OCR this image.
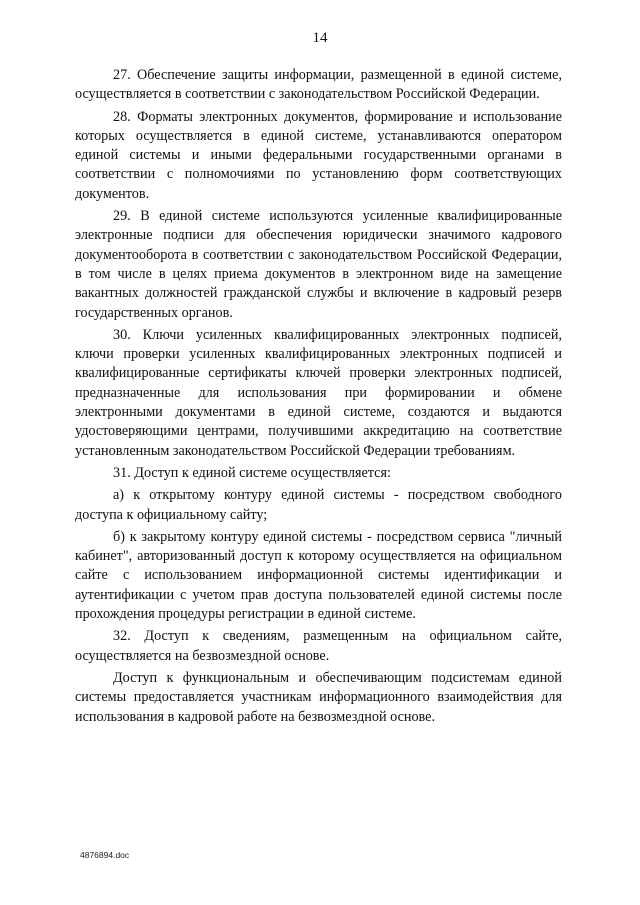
14

27. Обеспечение защиты информации, размещенной в единой системе, осуществляется в соответствии с законодательством Российской Федерации.

28. Форматы электронных документов, формирование и использование которых осуществляется в единой системе, устанавливаются оператором единой системы и иными федеральными государственными органами в соответствии с полномочиями по установлению форм соответствующих документов.

29. В единой системе используются усиленные квалифицированные электронные подписи для обеспечения юридически значимого кадрового документооборота в соответствии с законодательством Российской Федерации, в том числе в целях приема документов в электронном виде на замещение вакантных должностей гражданской службы и включение в кадровый резерв государственных органов.

30. Ключи усиленных квалифицированных электронных подписей, ключи проверки усиленных квалифицированных электронных подписей и квалифицированные сертификаты ключей проверки электронных подписей, предназначенные для использования при формировании и обмене электронными документами в единой системе, создаются и выдаются удостоверяющими центрами, получившими аккредитацию на соответствие установленным законодательством Российской Федерации требованиям.

31. Доступ к единой системе осуществляется:

а) к открытому контуру единой системы - посредством свободного доступа к официальному сайту;

б) к закрытому контуру единой системы - посредством сервиса "личный кабинет", авторизованный доступ к которому осуществляется на официальном сайте с использованием информационной системы идентификации и аутентификации с учетом прав доступа пользователей единой системы после прохождения процедуры регистрации в единой системе.

32. Доступ к сведениям, размещенным на официальном сайте, осуществляется на безвозмездной основе.

Доступ к функциональным и обеспечивающим подсистемам единой системы предоставляется участникам информационного взаимодействия для использования в кадровой работе на безвозмездной основе.

4876894.doc
